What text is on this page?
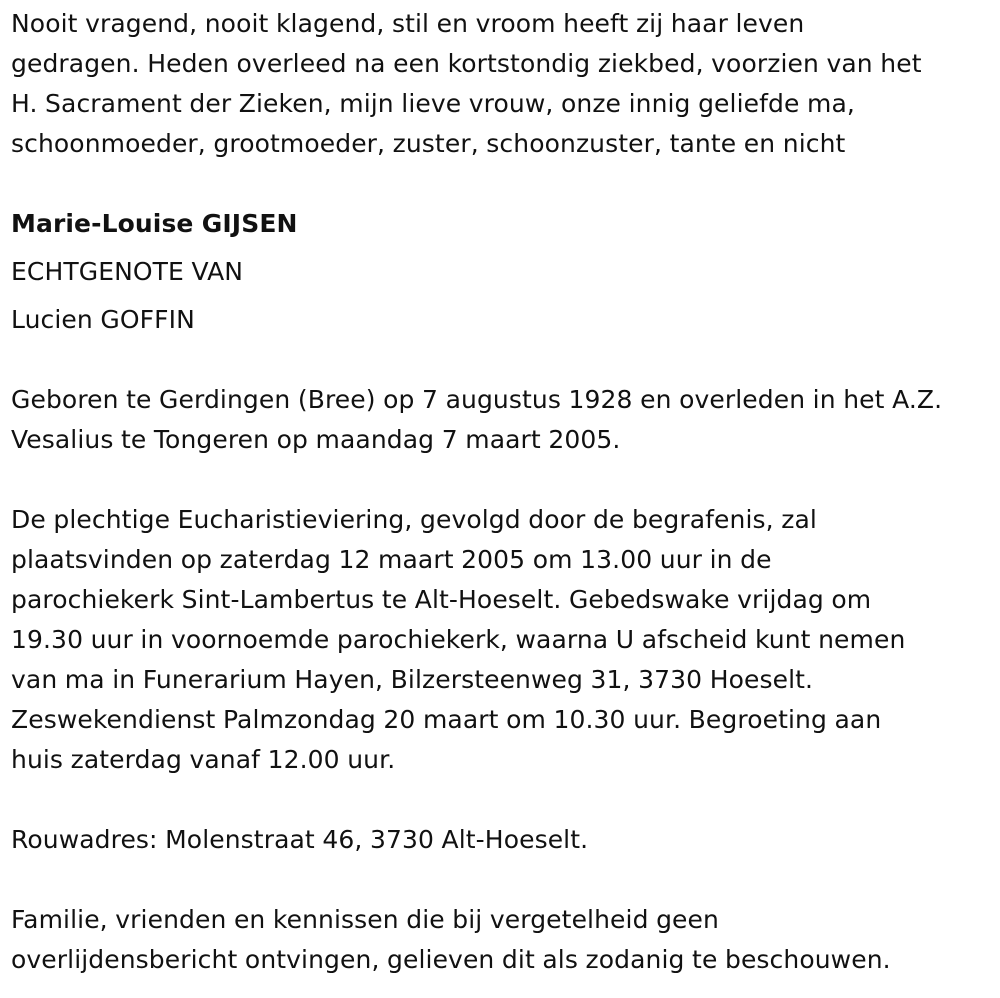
Nooit vragend, nooit klagend, stil en vroom heeft zij haar leven
gedragen. Heden overleed na een kortstondig ziekbed, voorzien van het
H. Sacrament der Zieken, mijn lieve vrouw, onze innig geliefde ma,
schoonmoeder, grootmoeder, zuster, schoonzuster, tante en nicht

Marie-Louise GIJSEN
ECHTGENOTE VAN
Lucien GOFFIN

Geboren te Gerdingen (Bree) op 7 augustus 1928 en overleden in het A.Z.
Vesalius te Tongeren op maandag 7 maart 2005.

De plechtige Eucharistieviering, gevolgd door de begrafenis, zal
plaatsvinden op zaterdag 12 maart 2005 om 13.00 uur in de
parochiekerk Sint-Lambertus te Alt-Hoeselt. Gebedswake vrijdag om
19.30 uur in voornoemde parochiekerk, waarna U afscheid kunt nemen
van ma in Funerarium Hayen, Bilzersteenweg 31, 3730 Hoeselt.
Zeswekendienst Palmzondag 20 maart om 10.30 uur. Begroeting aan
huis zaterdag vanaf 12.00 uur.

Rouwadres: Molenstraat 46, 3730 Alt-Hoeselt.

Familie, vrienden en kennissen die bij vergetelheid geen
overlijdensbericht ontvingen, gelieven dit als zodanig te beschouwen.
